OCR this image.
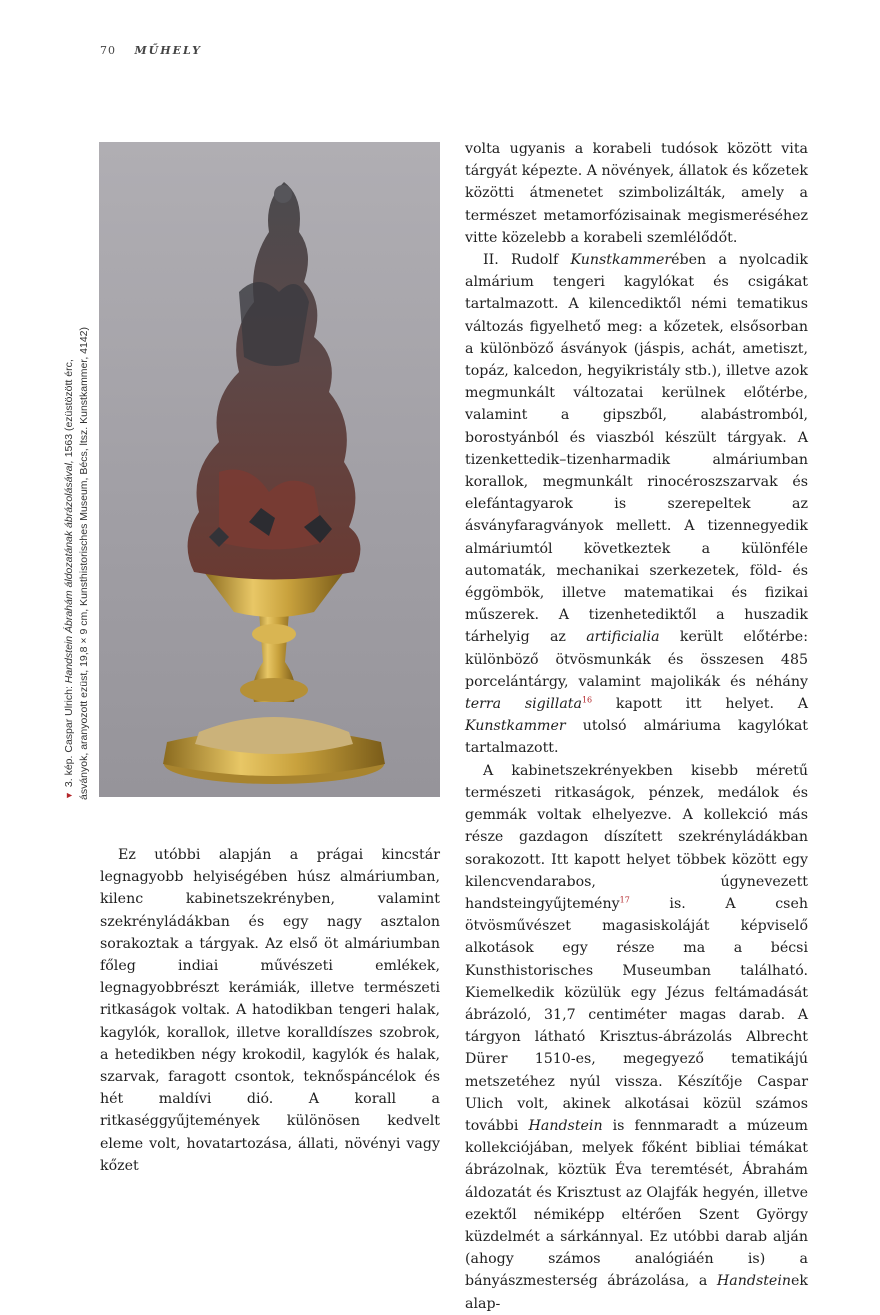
70 MŰHELY
▼3. kép. Caspar Ulrich: Handstein Ábrahám áldozatának ábrázolásával, 1563 (ezüstözött érc, ásványok, aranyozott ezüst, 19,8 × 9 cm, Kunsthistorisches Museum, Bécs, ltsz. Kunstkammer, 4142)

volta ugyanis a korabeli tudósok között vita tárgyát képezte. A növények, állatok és kőzetek közötti átmenetet szimbolizálták, amely a természet metamorfózisainak megismeréséhez vitte közelebb a korabeli szemlélődőt.

II. Rudolf Kunstkammerében a nyolcadik almárium tengeri kagylókat és csigákat tartalmazott. A kilencediktől némi tematikus változás figyelhető meg: a kőzetek, elsősorban a különböző ásványok (jáspis, achát, ametiszt, topáz, kalcedon, hegyikristály stb.), illetve azok megmunkált változatai kerülnek előtérbe, valamint a gipszből, alabástromból, borostyánból és viaszból készült tárgyak. A tizenkettedik–tizenharmadik almáriumban korallok, megmunkált rinocéroszszarvak és elefántagyarok is szerepeltek az ásványfaragványok mellett. A tizennegyedik almáriumtól következtek a különféle automaták, mechanikai szerkezetek, föld- és éggömbök, illetve matematikai és fizikai műszerek. A tizenhetediktől a huszadik tárhelyig az artificialia került előtérbe: különböző ötvösmunkák és összesen 485 porcelántárgy, valamint majolikák és néhány terra sigillata$^{16}$ kapott itt helyet. A Kunstkammer utolsó almáriuma kagylókat tartalmazott.

A kabinetszekrényekben kisebb méretű természeti ritkaságok, pénzek, medálok és gemmák voltak elhelyezve. A kollekció más része gazdagon díszített szekrényládákban sorakozott. Itt kapott helyet többek között egy kilencvendarabos, úgynevezett handsteingyűjtemény$^{17}$ is. A cseh ötvösművészet magasiskoláját képviselő alkotások egy része ma a bécsi Kunsthistorisches Museumban található. Kiemelkedik közülük egy Jézus feltámadását ábrázoló, 31,7 centiméter magas darab. A tárgyon látható Krisztus-ábrázolás Albrecht Dürer 1510-es, megegyező tematikájú metszetéhez nyúl vissza. Készítője Caspar Ulich volt, akinek alkotásai közül számos további Handstein is fennmaradt a múzeum kollekciójában, melyek főként bibliai témákat ábrázolnak, köztük Éva teremtését, Ábrahám áldozatát és Krisztust az Olajfák hegyén, illetve ezektől némiképp eltérően Szent György küzdelmét a sárkánnyal. Ez utóbbi darab alján (ahogy számos analógiáén is) a bányászmesterség ábrázolása, a Handsteinek alap-

Ez utóbbi alapján a prágai kincstár legnagyobb helyiségében húsz almáriumban, kilenc kabinetszekrényben, valamint szekrényládákban és egy nagy asztalon sorakoztak a tárgyak. Az első öt almáriumban főleg indiai művészeti emlékek, legnagyobbrészt kerámiák, illetve természeti ritkaságok voltak. A hatodikban tengeri halak, kagylók, korallok, illetve koralldíszes szobrok, a hetedikben négy krokodil, kagylók és halak, szarvak, faragott csontok, teknőspáncélok és hét maldívi dió. A korall a ritkaséggyűjtemények különösen kedvelt eleme volt, hovatartozása, állati, növényi vagy kőzet
